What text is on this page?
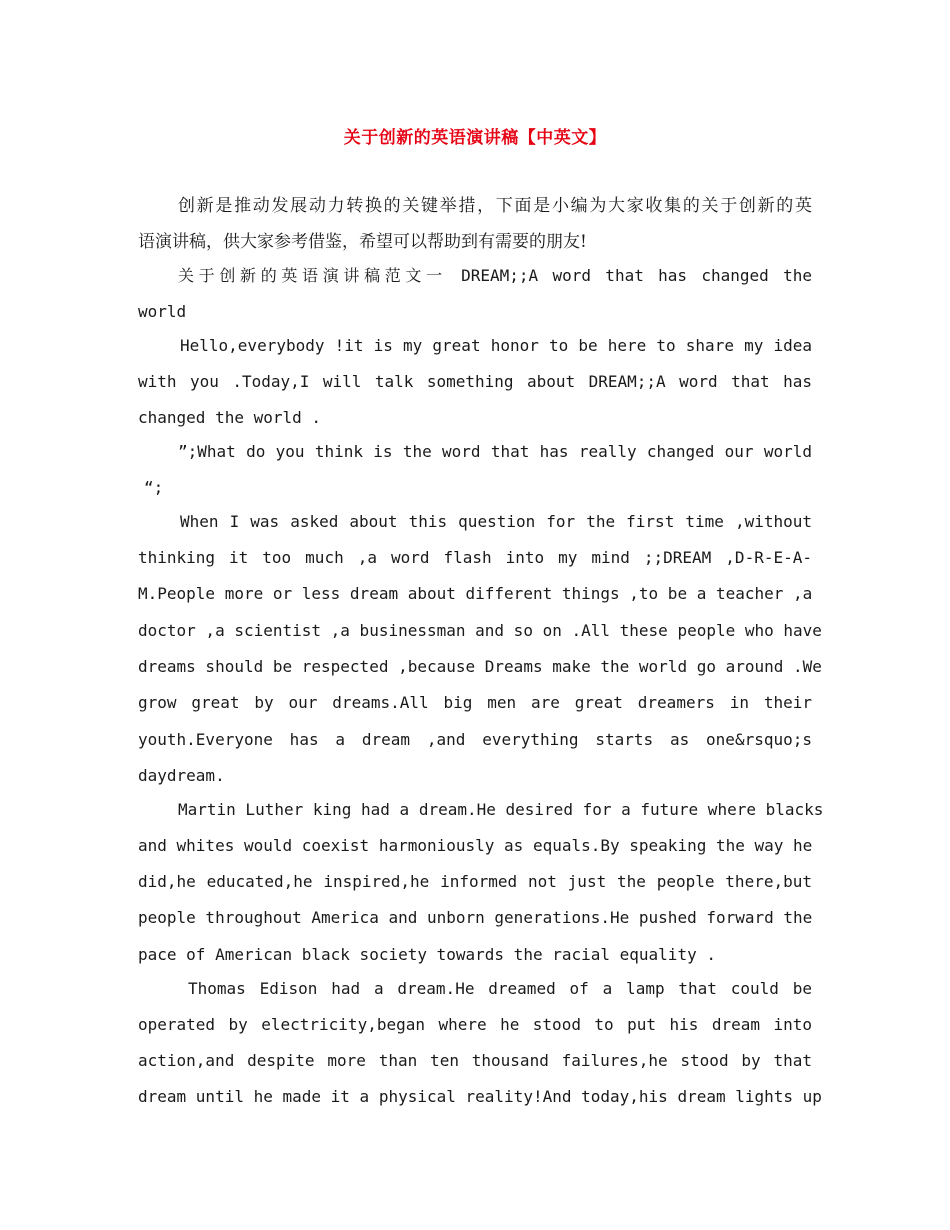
关于创新的英语演讲稿【中英文】
创新是推动发展动力转换的关键举措，下面是小编为大家收集的关于创新的英
语演讲稿，供大家参考借鉴，希望可以帮助到有需要的朋友!
关于创新的英语演讲稿范文一 DREAM;;A word that has changed the
world
Hello,everybody !it is my great honor to be here to share my idea
with you .Today,I will talk something about DREAM;;A word that has
changed the world .
”;What do you think is the word that has really changed our world
“;
When I was asked about this question for the first time ,without
thinking it too much ,a word flash into my mind ;;DREAM ,D-R-E-A-
M.People more or less dream about different things ,to be a teacher ,a
doctor ,a scientist ,a businessman and so on .All these people who have
dreams should be respected ,because Dreams make the world go around .We
grow great by our dreams.All big men are great dreamers in their
youth.Everyone has a dream ,and everything starts as one&rsquo;s
daydream.
Martin Luther king had a dream.He desired for a future where blacks
and whites would coexist harmoniously as equals.By speaking the way he
did,he educated,he inspired,he informed not just the people there,but
people throughout America and unborn generations.He pushed forward the
pace of American black society towards the racial equality .
Thomas Edison had a dream.He dreamed of a lamp that could be
operated by electricity,began where he stood to put his dream into
action,and despite more than ten thousand failures,he stood by that
dream until he made it a physical reality!And today,his dream lights up
